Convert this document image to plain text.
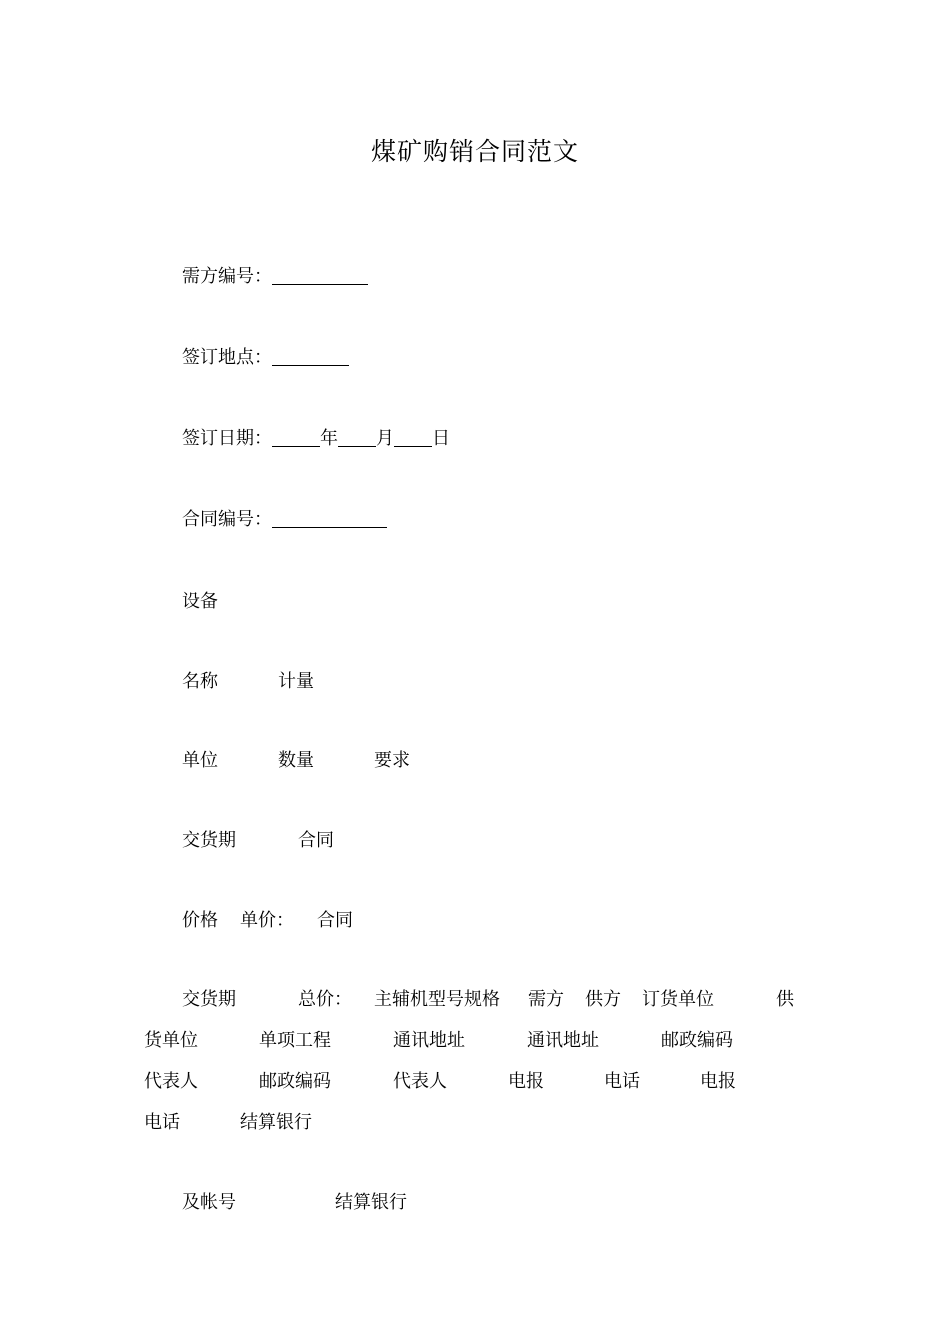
煤矿购销合同范文
需方编号：
签订地点：
签订日期：	年 月 日
合同编号：
设备
名称	计量
单位	数量	要求
交货期	合同
价格 单价： 合同
交货期	总价： 主辅机型号规格 需方 供方 订货单位	供
货单位	单项工程	通讯地址	通讯地址	邮政编码
代表人	邮政编码	代表人	电报	电话	电报
电话	结算银行
及帐号	结算银行
